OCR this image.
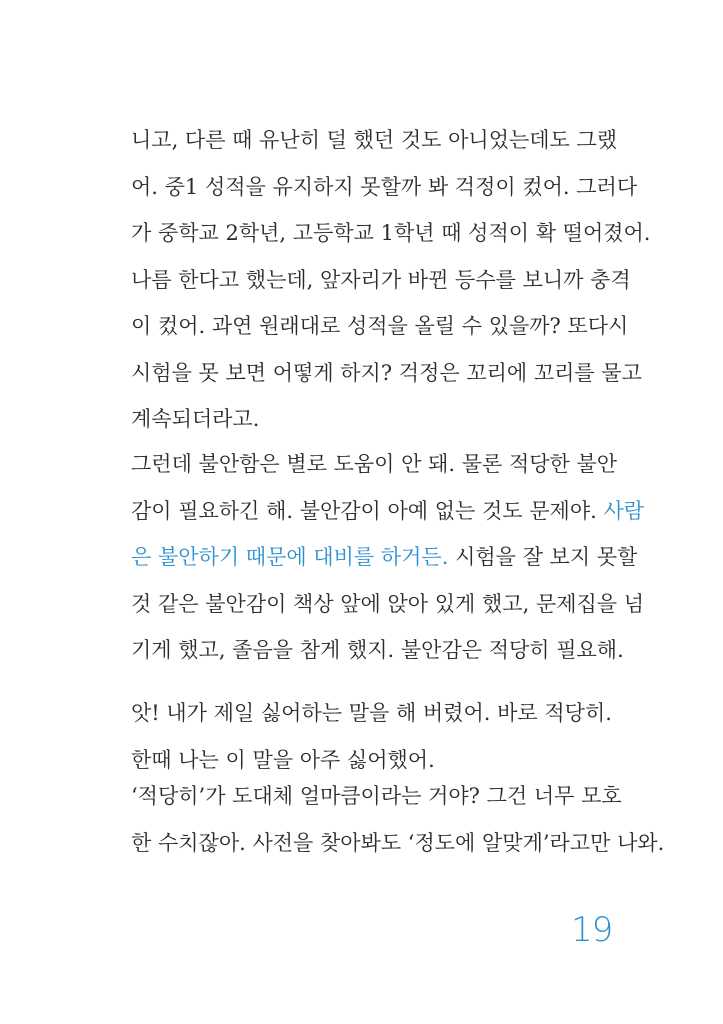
니고, 다른 때 유난히 덜 했던 것도 아니었는데도 그랬
어. 중1 성적을 유지하지 못할까 봐 걱정이 컸어. 그러다
가 중학교 2학년, 고등학교 1학년 때 성적이 확 떨어졌어.
나름 한다고 했는데, 앞자리가 바뀐 등수를 보니까 충격
이 컸어. 과연 원래대로 성적을 올릴 수 있을까? 또다시
시험을 못 보면 어떻게 하지? 걱정은 꼬리에 꼬리를 물고
계속되더라고.
그런데 불안함은 별로 도움이 안 돼. 물론 적당한 불안
감이 필요하긴 해. 불안감이 아예 없는 것도 문제야. 사람
은 불안하기 때문에 대비를 하거든. 시험을 잘 보지 못할
것 같은 불안감이 책상 앞에 앉아 있게 했고, 문제집을 넘
기게 했고, 졸음을 참게 했지. 불안감은 적당히 필요해.
앗! 내가 제일 싫어하는 말을 해 버렸어. 바로 적당히.
한때 나는 이 말을 아주 싫어했어.
‘적당히’가 도대체 얼마큼이라는 거야? 그건 너무 모호
한 수치잖아. 사전을 찾아봐도 ‘정도에 알맞게’라고만 나와.
19
